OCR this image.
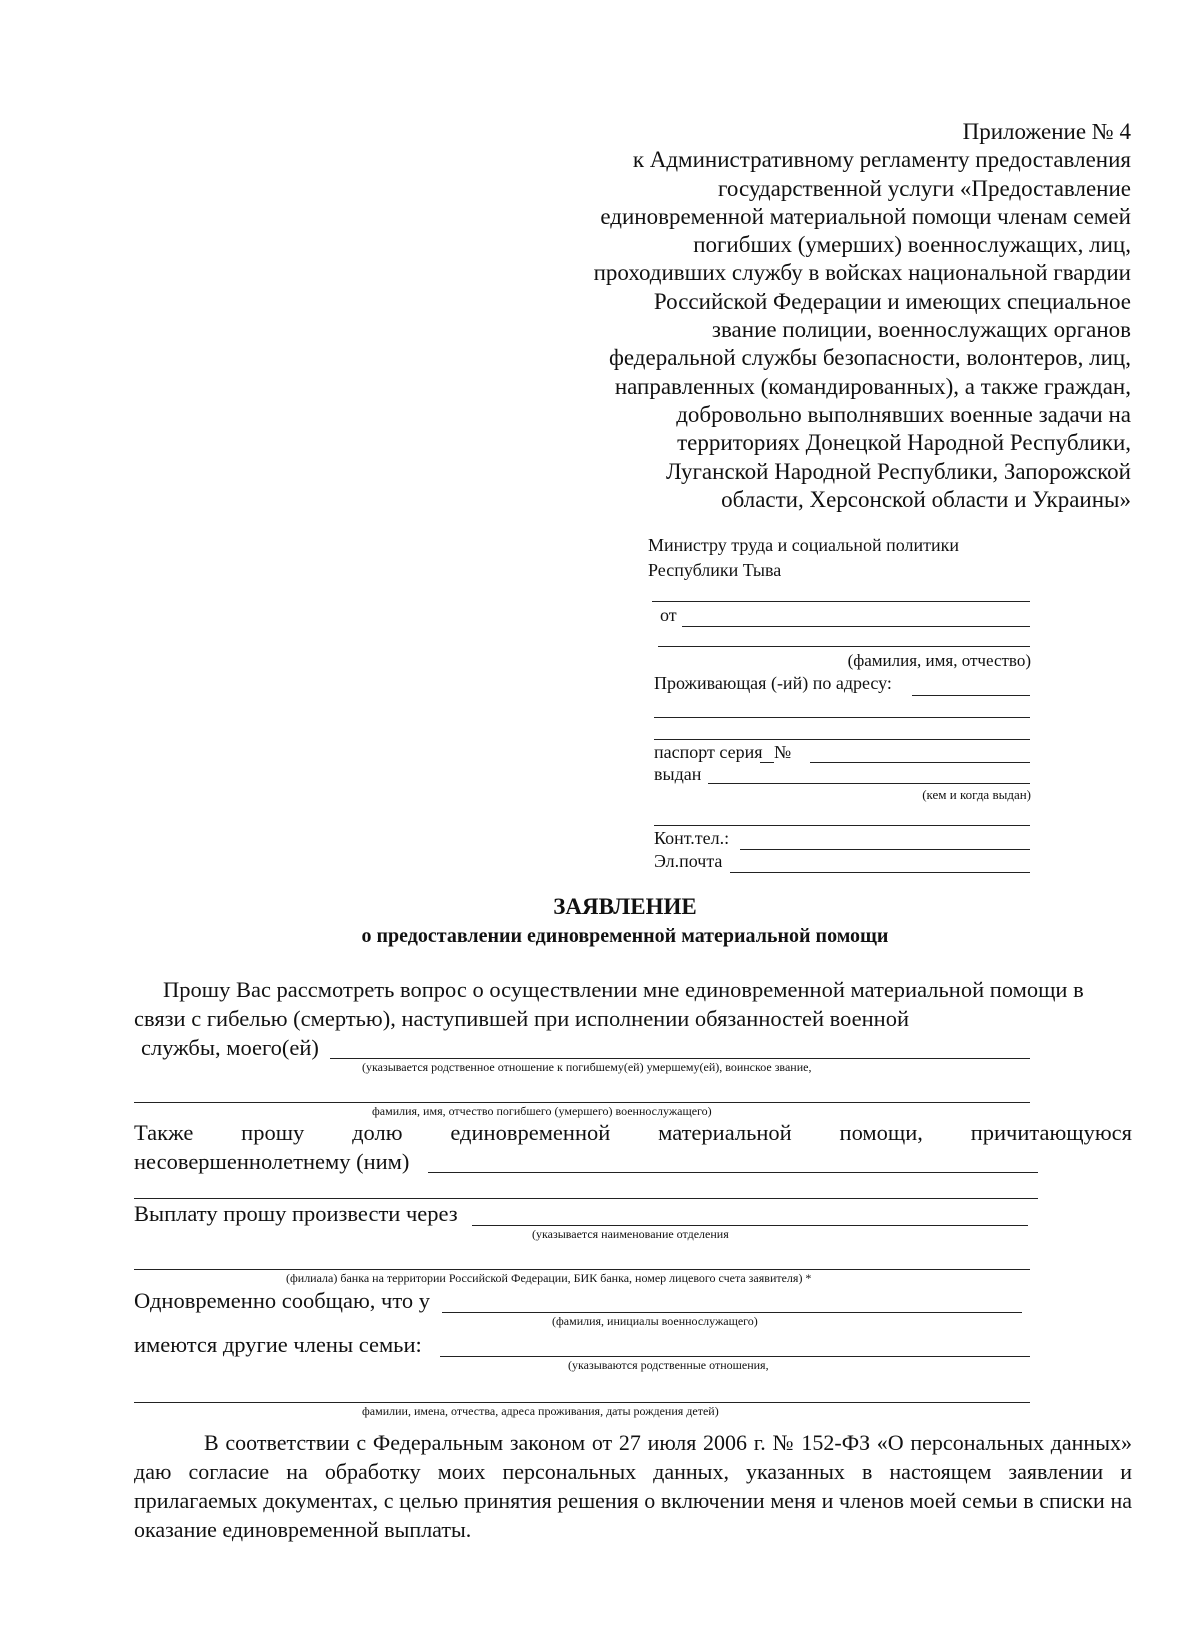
Приложение № 4
к Административному регламенту предоставления
государственной услуги «Предоставление
единовременной материальной помощи членам семей
погибших (умерших) военнослужащих, лиц,
проходивших службу в войсках национальной гвардии
Российской Федерации и имеющих специальное
звание полиции, военнослужащих органов
федеральной службы безопасности, волонтеров, лиц,
направленных (командированных), а также граждан,
добровольно выполнявших военные задачи на
территориях Донецкой Народной Республики,
Луганской Народной Республики, Запорожской
области, Херсонской области и Украины»
Министру труда и социальной политики
Республики Тыва
от
(фамилия, имя, отчество)
Проживающая (-ий) по адресу:
паспорт серия №
выдан
(кем и когда выдан)
Конт.тел.:
Эл.почта
ЗАЯВЛЕНИЕ
о предоставлении единовременной материальной помощи
Прошу Вас рассмотреть вопрос о осуществлении мне единовременной материальной помощи в
связи с гибелью (смертью), наступившей при исполнении обязанностей военной
службы, моего(ей)
(указывается родственное отношение к погибшему(ей) умершему(ей), воинское звание,
фамилия, имя, отчество погибшего (умершего) военнослужащего)
Также прошу долю единовременной материальной помощи, причитающуюся
несовершеннолетнему (ним)
Выплату прошу произвести через
(указывается наименование отделения
(филиала) банка на территории Российской Федерации, БИК банка, номер лицевого счета заявителя) *
Одновременно сообщаю, что у
(фамилия, инициалы военнослужащего)
имеются другие члены семьи:
(указываются родственные отношения,
фамилии, имена, отчества, адреса проживания, даты рождения детей)
В соответствии с Федеральным законом от 27 июля 2006 г. № 152-ФЗ «О персональных данных» даю согласие на обработку моих персональных данных, указанных в настоящем заявлении и прилагаемых документах, с целью принятия решения о включении меня и членов моей семьи в списки на оказание единовременной выплаты.
